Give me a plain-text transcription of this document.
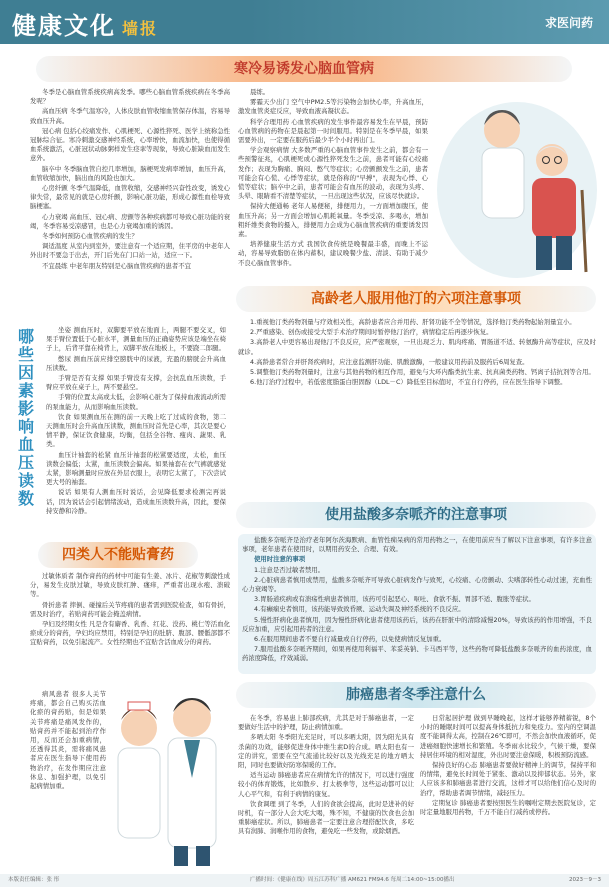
健康文化 墙报	求医问药
寒冷易诱发心脑血管病

冬季是心脑血管系统疾病高发季。哪些心脑血管系统疾病在冬季高发呢？

高血压病 冬季气温寒冷，人体皮肤血管收缩血管保存体温，容易导致血压升高。

冠心病 包括心绞痛发作、心肌梗死、心源性猝死、医学上统称急性冠脉综合征。寒冷刺激交感神经系统，心率增快，血流加快，也使得循血系统激活，心脏冠状动脉粥样发生痉挛等现象，导致心脏缺血而发生意外。

脑卒中 冬季脑血管自控几率增加，脑梗死发病率增加，血压升高，血管收缩加快，脑出血的风险也加大。

心房纤颤 冬季气温降低，血管收缩，交感神经兴奋性改变，诱发心律失常，最常见的就是心房纤颤，影响心脏功能，形成心源性血栓导致脑梗塞。

心力衰竭 高血压、冠心病、房颤等各种疾病都可导致心脏功能的衰竭，冬季容易受凉感冒，也是心力衰竭加重的诱因。

冬季如何预防心血管疾病的发生？

调适温度 从室内到室外，要注意有一个适应期，住平房的中老年人外出时不要急于出去，开门后先在门口站一站，适应一下。

不宜晨练 中老年朋友特别是心脑血管疾病的患者不宜

晨练。

雾霾天少出门 空气中PM2.5等污染物会加快心率，升高血压，激发血管炎症反应，导致血液高凝状态。

科学合理用药 心血管疾病的发生事件最容易发生在早晨，预防心血管病的药物在是晨起第一时间服用。特别是在冬季早晨，如果需要外出，一定要在服药后最少半个小时再出门。

学会观察病情 大多数严重的心脑血管事件发生之前，都会有一些预警征兆，心肌梗死或心源性猝死发生之前，患者可能有心绞痛发作；表现为胸痛、胸闷、憋气等症状；心房颤颤发生之前，患者可能会有心慌、心悸等症状，就是俗称的"早搏"，表现为心悸、心慌等症状；脑卒中之前，患者可能会有血压的波动，表现为头疼、头晕、眼睛看不清楚等症状，一旦出现这些状况，应该尽快就诊。

保持大便通畅 老年人易便秘，排便用力，一方面增加腹压，使血压升高；另一方面会增加心肌耗氧量。冬季受凉、多喝水，增加粗纤维类食物的摄入，排便用力会成为心脑血管疾病的重要诱发因素。

培养健康生活方式 我国饮食传统是晚餐最丰盛，而晚上不运动，容易导致脂肪在体内蓄积，建议晚餐少盐、清淡、有助于减少不良心脑血管事件。

哪些因素影响血压读数

坐姿 测血压时，双脚要平放在地面上，两腿不要交叉，如果手臂位置低于心脏水平，测量血压的正确姿势应该是端坐在椅子上，后背平靠在椅背上，双脚平放在地板上，不要跷二郎腿。

憋尿 测血压前应排空膀胱中的尿液，充盈的膀胱会升高血压读数。

手臂是否有支撑 如果手臂没有支撑，会抗乱血压读数，手臂应平放在桌子上，两不要悬空。

手臂的位置太高或太低，会影响心脏为了保持血液流动所需的泵血能力，从而影响血压读数。

饮食 如果测血压在测的前一天晚上吃了过咸的食物，第二天测血压时会升高血压读数，测血压时首先是心率，其次是要心情平静，保证饮食健康，均衡，包括全谷物、瘦肉、蔬果、乳类。

血压计袖套的松紧 血压计袖套的松紧要适度，太松，血压读数会偏低；太紧，血压读数会偏高。如果袖套在衣气裤就感觉太紧，影响测量时应放在外层衣服上，表明它太紧了，下次尝试更大号的袖套。

说话 如果有人测血压时说话，会见降低要求检测完再说话，因为说话会引起情绪波动，造成血压读数升高，因此，要保持安静和冷静。

四类人不能贴膏药

过敏体质者 制作膏药的药材中可能有生姜、冰片、花椒等刺激性成分，易发生皮肤过敏，导致皮肤红肿、瘙痒，严重者出现水疱、溃破等。

骨折患者 摔倒、碰撞后关节疼痛的患者需到医院检查，如有骨折，需及时治疗，若贴膏药可能会掩盖病情。

孕妇及经期女性 凡是含有麝香、乳香、红花、没药、桃仁等活血化瘀成分的膏药，孕妇均应禁用，特别是孕妇的肚脐、腹部、腰骶部都不宜贴膏药，以免引起流产。女性经期也不宜贴含活血成分的膏药。

病风患者 很多人关节疼痛，都会自己购买活血化瘀的膏药贴，但是如果关节疼痛是痛风发作的，贴膏药并不能起到治疗作用，反而还会加重病情，还透得其炎，需将痛风患者应在医生指导下使用药物治疗，在发作期应注意休息、加强护理，以免引起病情加重。

高龄老人服用他汀的六项注意事项

1.重视他汀类药物剂量与疗效相关性，高龄患者应合并用药、肝肾功能不全等情况，选择他汀类药物起始剂量宜小。

2.严重感染、创伤或接受大型手术治疗期间时暂停他汀治疗，病情稳定后再逐步恢复。

3.高龄老人中更容易出现他汀不良反应，应严密观察，一旦出现乏力、肌肉疼痛、胃肠道不适、转氨酶升高等症状，应及时就诊。

4.高龄患者常合并肝肾疾病时，应注意监测肝功能、肌酸激酶，一般建议用药前及服药后6周复查。

5.调整他汀类药物剂量时，注意与其他药物的相互作用，避免与大环内酯类抗生素、抗真菌类药物、钙离子拮抗剂等合用。

6.他汀治疗过程中，若低密度脂蛋白胆固醇（LDL－C）降低至目标值时，不宜自行停药，应在医生指导下调整。

使用盐酸多奈哌齐的注意事项

盐酸多奈哌齐是治疗老年阿尔茨海默病、血管性痴呆病的常用药物之一，在使用前应当了解以下注意事项，有许多注意事项，老年患者在使用时，以期用药安全、合理、有效。

使用时注意的事项

1.注意是否过敏者禁用。

2.心脏病患者慎用或禁用，盐酸多奈哌齐可导致心脏病发作与致死，心绞痛、心房颤动、尖嗜部转性心动过速，充血性心力衰竭等。

3.胃肠道疾病或有溃疡性病患者慎用，该药可引起恶心、呕吐、食欲不振、胃部不适、腹胀等症状。

4.有癫痫史者慎用，该药能导致致昏厥、运动失调及神经系统的不良反应。

5.慢性肝病化患者慎用，因为慢性肝病化患者使用该药后，该药在肝脏中的清除减慢20%，导致该药的作用增强，不良反应加重，应引起用药者的注意。

6.在服用期间患者不要自行减量或自行停药，以免使病情反复加重。

7.服用盐酸多奈哌齐期间，如果再使用利福平、苯妥英钠、卡马西平等，这些药物可降低盐酸多奈哌齐的血药浓度，血药浓度降低，疗效减弱。

肺癌患者冬季注意什么

在冬季，容易患上肺部疾病，尤其是对于肺癌患者，一定要做好生活中的护理，防止病情加重。

多晒太阳 冬季阳光充足时，可以多晒太阳，因为阳光具有杀菌的功效，能够促进身体中维生素D的合成。晒太阳也有一定的讲究，需要在空气流通比较好以及光线充足的地方晒太阳，同时也要做好防寒保暖的工作。

适当运动 肺癌患者应在病情允许的情况下，可以进行强度较小的体育锻炼，比如散步、打太极拳等，这些运动都可以让人心平气和，有利于病情的康复。

饮食调理 到了冬季，人们的食欲会提高，此时是进补的好时机，有一部分人会大吃大喝，殊不知，不健康的饮食也会加重肺癌症状。所以，肺癌患者一定要注意合理搭配饮食，多吃具有润肺、润喉作用的食物，避免吃一些发物，或除烟酒。

日常起居护理 做到早睡晚起，这样才能够养精蓄锐，8个小时的睡眠时间可以提高身体抵抗力和免疫力。室内的空调温度不能调得太高，控制在26℃即可，不然会加快血液循环，促进癌细胞快速增长和繁殖。冬季雨水比较少，气候干燥，要保持居住环境的相对湿度，外出时要注意保暖，积极预防流感。

保持良好的心态 肺癌患者要做好精神上的调节，保持平和的情绪，避免长时间处于紧张、激动以及抑郁状态。另外，家人应该多和肺癌患者进行交流，这样才可以给他们信心及时的治疗，帮助患者调节情绪，减轻压力。

定期复诊 肺癌患者要按照医生的嘱咐定期去医院复诊，定时定量地服用药物，千万不能自行减药或停药。

本版责任编辑：张 彤	广播时间：《健康在线》周五江苏科广播 AM621 FM94.6 每周二14:00~15:00播出	2023－9－3
